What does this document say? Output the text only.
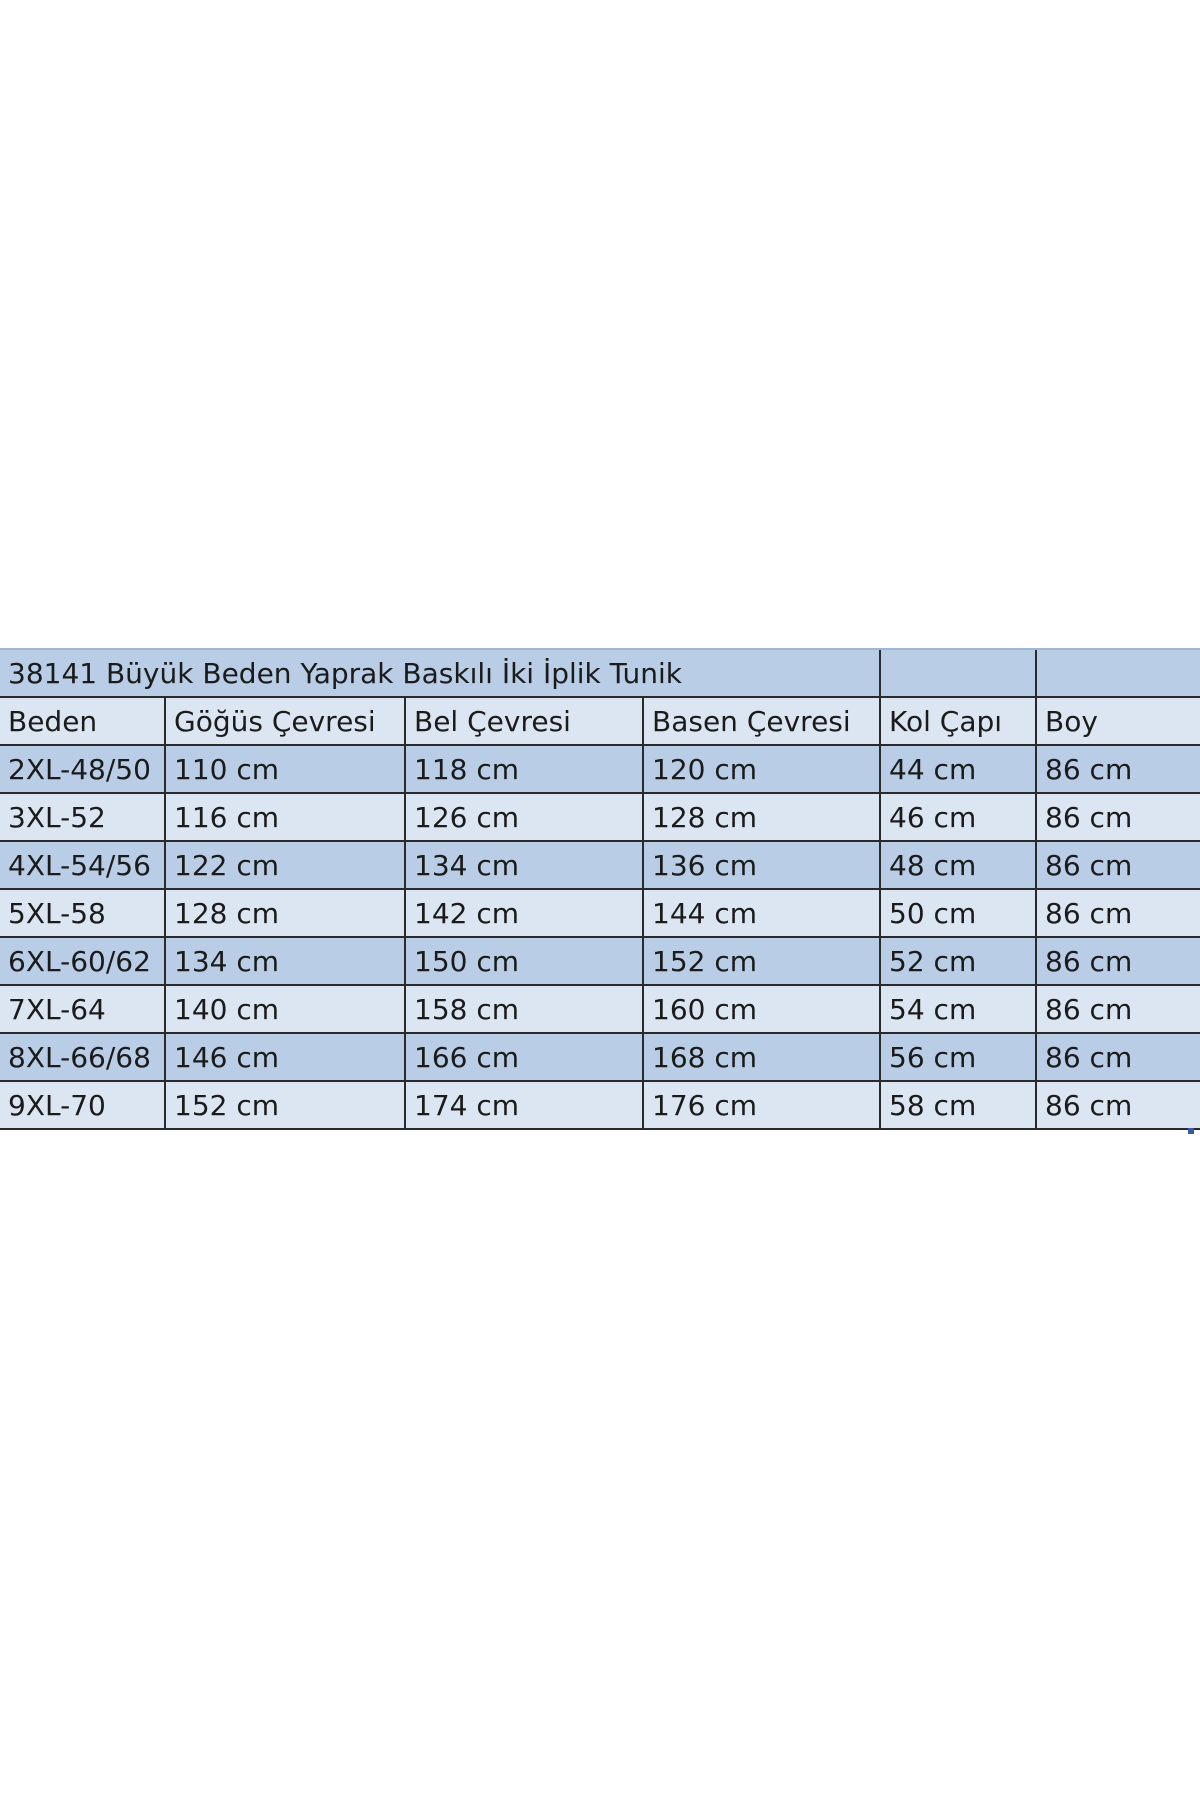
38141 Büyük Beden Yaprak Baskılı İki İplik Tunik					
Beden	Göğüs Çevresi	Bel Çevresi	Basen Çevresi	Kol Çapı	Boy
2XL-48/50	110 cm	118 cm	120 cm	44 cm	86 cm
3XL-52	116 cm	126 cm	128 cm	46 cm	86 cm
4XL-54/56	122 cm	134 cm	136 cm	48 cm	86 cm
5XL-58	128 cm	142 cm	144 cm	50 cm	86 cm
6XL-60/62	134 cm	150 cm	152 cm	52 cm	86 cm
7XL-64	140 cm	158 cm	160 cm	54 cm	86 cm
8XL-66/68	146 cm	166 cm	168 cm	56 cm	86 cm
9XL-70	152 cm	174 cm	176 cm	58 cm	86 cm
